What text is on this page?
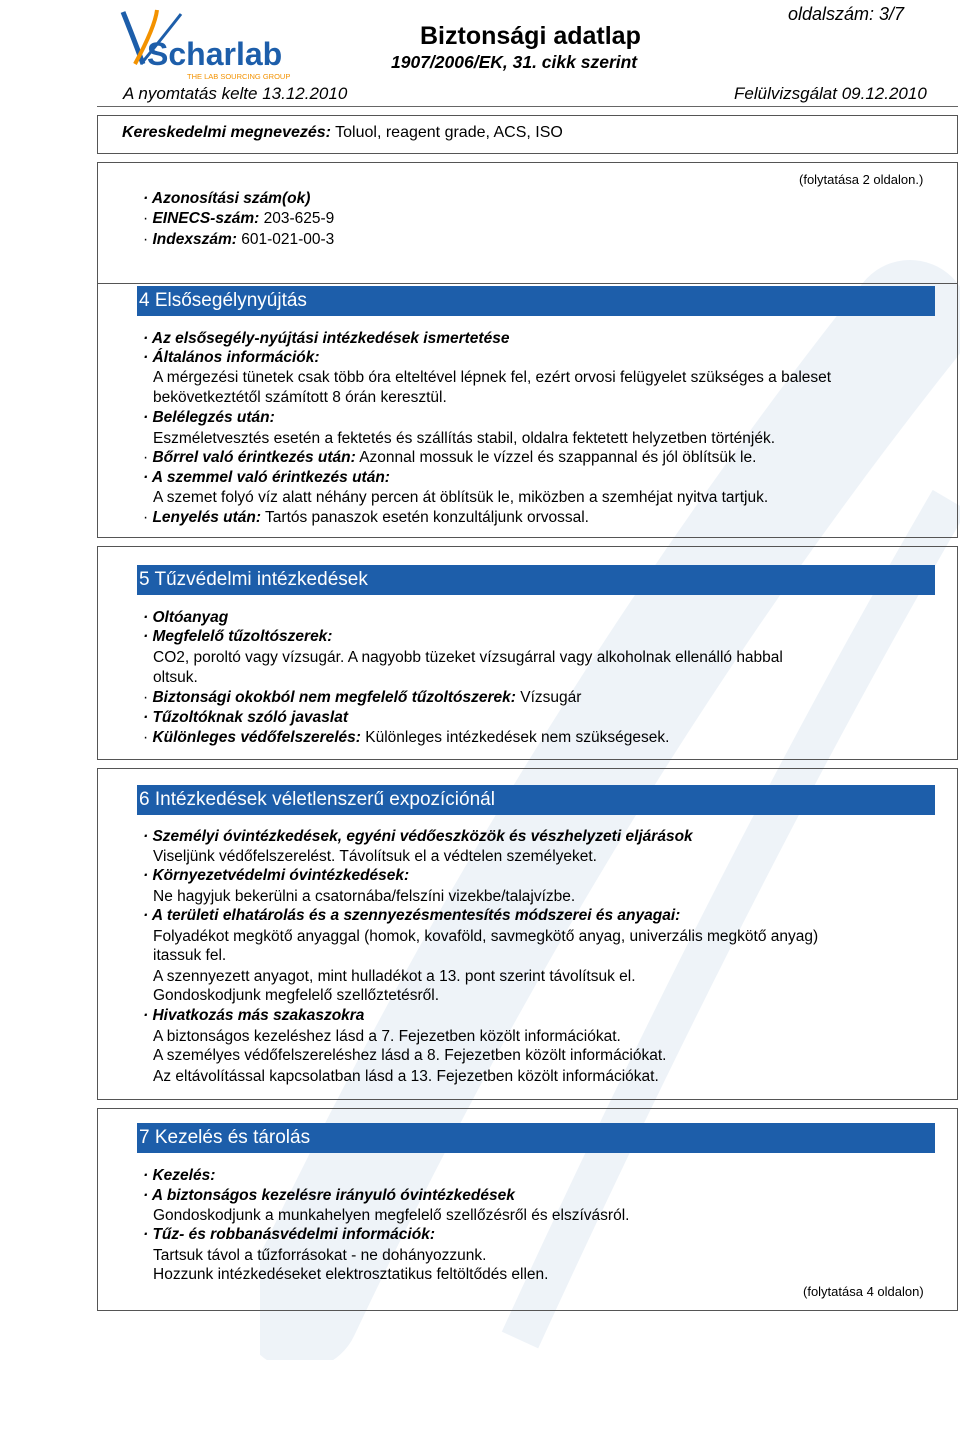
Scharlab
THE LAB SOURCING GROUP
Biztonsági adatlap
1907/2006/EK, 31. cikk szerint
oldalszám: 3/7
A nyomtatás kelte 13.12.2010	Felülvizsgálat 09.12.2010
Kereskedelmi megnevezés: Toluol, reagent grade, ACS, ISO
(folytatása 2 oldalon.)
· Azonosítási szám(ok)
· EINECS-szám: 203-625-9
· Indexszám: 601-021-00-3
4 Elsősegélynyújtás
· Az elsősegély-nyújtási intézkedések ismertetése
· Általános információk:
A mérgezési tünetek csak több óra elteltével lépnek fel, ezért orvosi felügyelet szükséges a baleset
bekövetkeztétől számított 8 órán keresztül.
· Belélegzés után:
Eszméletvesztés esetén a fektetés és szállítás stabil, oldalra fektetett helyzetben történjék.
· Bőrrel való érintkezés után: Azonnal mossuk le vízzel és szappannal és jól öblítsük le.
· A szemmel való érintkezés után:
A szemet folyó víz alatt néhány percen át öblítsük le, miközben a szemhéjat nyitva tartjuk.
· Lenyelés után: Tartós panaszok esetén konzultáljunk orvossal.
5 Tűzvédelmi intézkedések
· Oltóanyag
· Megfelelő tűzoltószerek:
CO2, poroltó vagy vízsugár. A nagyobb tüzeket vízsugárral vagy alkoholnak ellenálló habbal
oltsuk.
· Biztonsági okokból nem megfelelő tűzoltószerek: Vízsugár
· Tűzoltóknak szóló javaslat
· Különleges védőfelszerelés: Különleges intézkedések nem szükségesek.
6 Intézkedések véletlenszerű expozíciónál
· Személyi óvintézkedések, egyéni védőeszközök és vészhelyzeti eljárások
Viseljünk védőfelszerelést. Távolítsuk el a védtelen személyeket.
· Környezetvédelmi óvintézkedések:
Ne hagyjuk bekerülni a csatornába/felszíni vizekbe/talajvízbe.
· A területi elhatárolás és a szennyezésmentesítés módszerei és anyagai:
Folyadékot megkötő anyaggal (homok, kovaföld, savmegkötő anyag, univerzális megkötő anyag)
itassuk fel.
A szennyezett anyagot, mint hulladékot a 13. pont szerint távolítsuk el.
Gondoskodjunk megfelelő szellőztetésről.
· Hivatkozás más szakaszokra
A biztonságos kezeléshez lásd a 7. Fejezetben közölt információkat.
A személyes védőfelszereléshez lásd a 8. Fejezetben közölt információkat.
Az eltávolítással kapcsolatban lásd a 13. Fejezetben közölt információkat.
7 Kezelés és tárolás
· Kezelés:
· A biztonságos kezelésre irányuló óvintézkedések
Gondoskodjunk a munkahelyen megfelelő szellőzésről és elszívásról.
· Tűz- és robbanásvédelmi információk:
Tartsuk távol a tűzforrásokat - ne dohányozzunk.
Hozzunk intézkedéseket elektrosztatikus feltöltődés ellen.
(folytatása 4 oldalon)
